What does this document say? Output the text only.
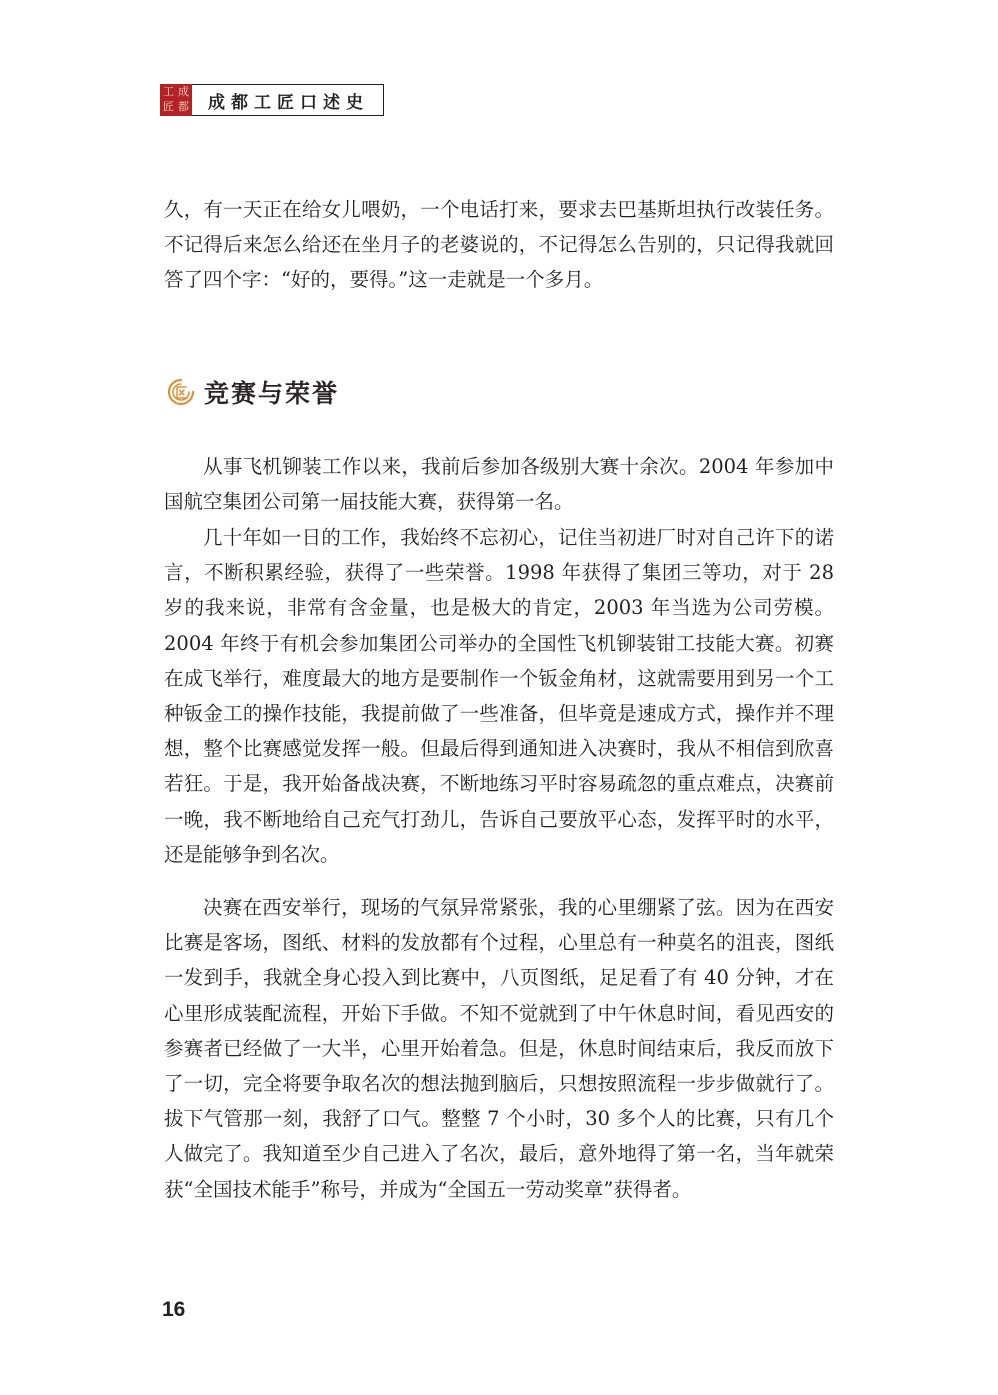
工 成
匠 都	成都工匠口述史

久，有一天正在给女儿喂奶，一个电话打来，要求去巴基斯坦执行改装任务。不记得后来怎么给还在坐月子的老婆说的，不记得怎么告别的，只记得我就回答了四个字：“好的，要得。”这一走就是一个多月。

竞赛与荣誉

从事飞机铆装工作以来，我前后参加各级别大赛十余次。2004 年参加中国航空集团公司第一届技能大赛，获得第一名。

几十年如一日的工作，我始终不忘初心，记住当初进厂时对自己许下的诺言，不断积累经验，获得了一些荣誉。1998 年获得了集团三等功，对于 28 岁的我来说，非常有含金量，也是极大的肯定，2003 年当选为公司劳模。2004 年终于有机会参加集团公司举办的全国性飞机铆装钳工技能大赛。初赛在成飞举行，难度最大的地方是要制作一个钣金角材，这就需要用到另一个工种钣金工的操作技能，我提前做了一些准备，但毕竟是速成方式，操作并不理想，整个比赛感觉发挥一般。但最后得到通知进入决赛时，我从不相信到欣喜若狂。于是，我开始备战决赛，不断地练习平时容易疏忽的重点难点，决赛前一晚，我不断地给自己充气打劲儿，告诉自己要放平心态，发挥平时的水平，还是能够争到名次。

决赛在西安举行，现场的气氛异常紧张，我的心里绷紧了弦。因为在西安比赛是客场，图纸、材料的发放都有个过程，心里总有一种莫名的沮丧，图纸一发到手，我就全身心投入到比赛中，八页图纸，足足看了有 40 分钟，才在心里形成装配流程，开始下手做。不知不觉就到了中午休息时间，看见西安的参赛者已经做了一大半，心里开始着急。但是，休息时间结束后，我反而放下了一切，完全将要争取名次的想法抛到脑后，只想按照流程一步步做就行了。拔下气管那一刻，我舒了口气。整整 7 个小时，30 多个人的比赛，只有几个人做完了。我知道至少自己进入了名次，最后，意外地得了第一名，当年就荣获“全国技术能手”称号，并成为“全国五一劳动奖章”获得者。

16
